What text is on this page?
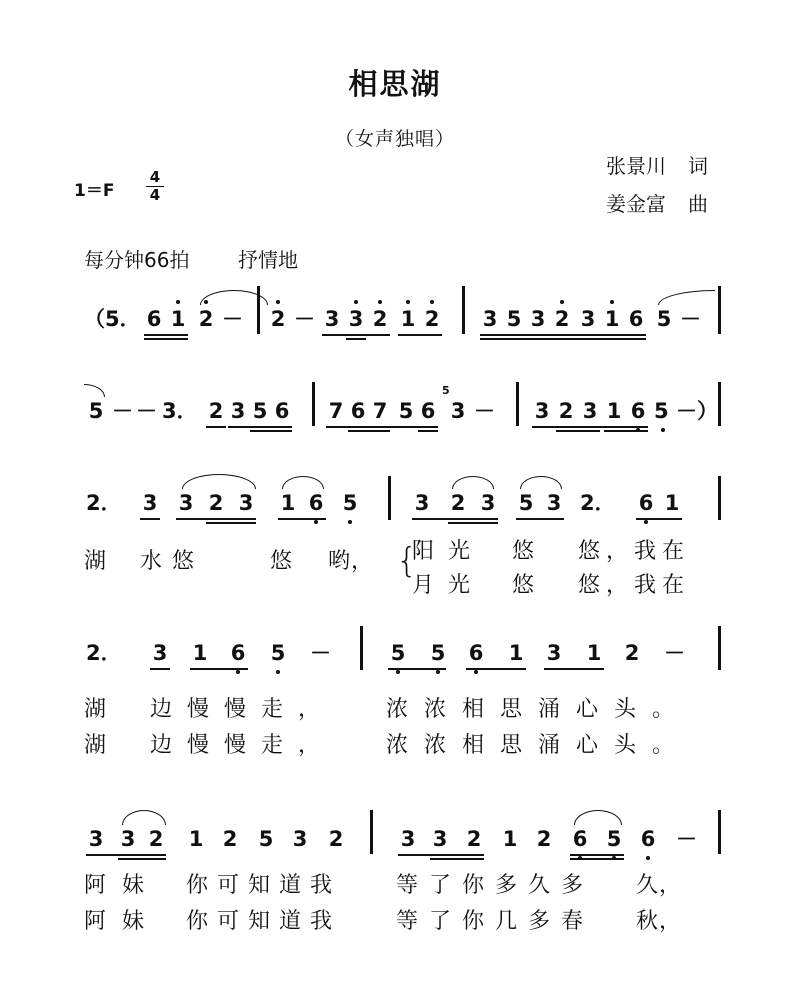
相思湖
（女声独唱）
张景川 词
姜金富 曲
1＝F
4
4
每分钟66拍 抒情地
（5． 6 1 2 － 2 － 3 3 2 1 2 3 5 3 2 3 1 6 5 －
5 － － 3． 2 3 5 6 7 6 7 5 6
5
3 － 3 2 3 1 6 5 －）
2．	3 3 2 3 1 6 5	3 2 3 5 3 2．	6 1
湖 水悠	悠 哟， {
阳光 悠 悠，我在
月光 悠 悠，我在
2．	3 1 6 5 －	5 5 6 1 3 1 2 －
湖 边慢慢走， 浓浓相思涌心头。
湖 边慢慢走， 浓浓相思涌心头。
3 3 2 1 2 5 3 2	3 3 2 1 2 6 5 6 －
阿妹 你可知道我 等了你多久多 久，
阿妹 你可知道我 等了你几多春 秋，
